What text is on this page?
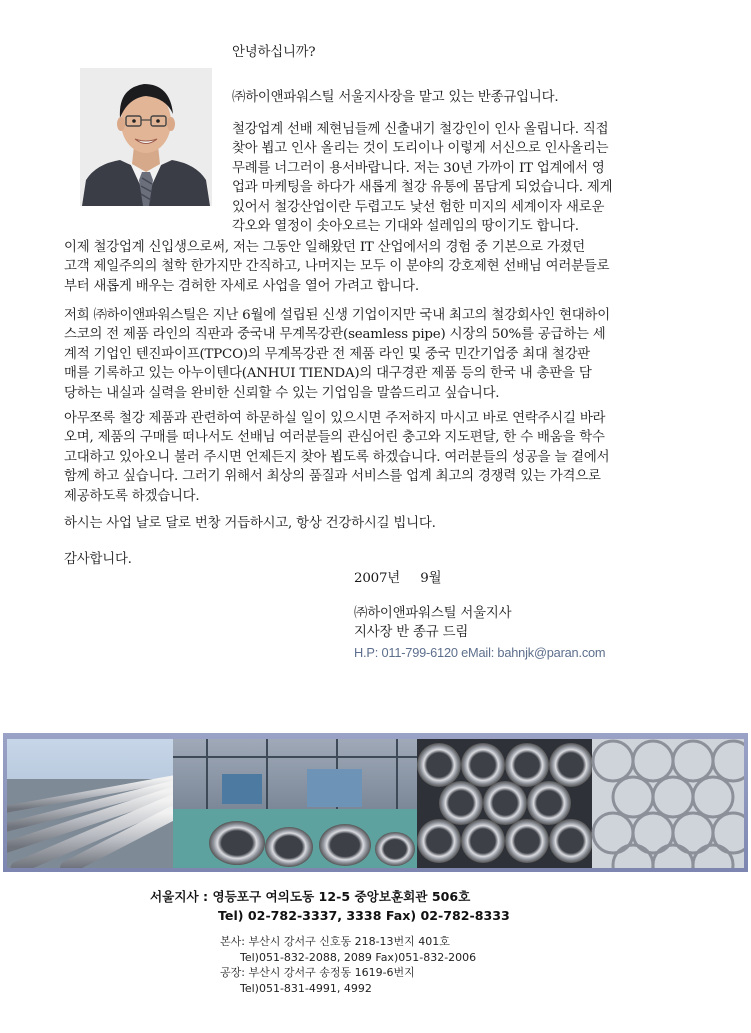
안녕하십니까?

㈜하이앤파워스틸 서울지사장을 맡고 있는 반종규입니다.

철강업계 선배 제현님들께 신출내기 철강인이 인사 올립니다. 직접
찾아 뵙고 인사 올리는 것이 도리이나 이렇게 서신으로 인사올리는
무례를 너그러이 용서바랍니다. 저는 30년 가까이 IT 업계에서 영
업과 마케팅을 하다가 새롭게 철강 유통에 몸담게 되었습니다. 제게
있어서 철강산업이란 두렵고도 낯선 험한 미지의 세계이자 새로운
각오와 열정이 솟아오르는 기대와 설레임의 땅이기도 합니다.
이제 철강업계 신입생으로써, 저는 그동안 일해왔던 IT 산업에서의 경험 중 기본으로 가졌던
고객 제일주의의 철학 한가지만 간직하고, 나머지는 모두 이 분야의 강호제현 선배님 여러분들로
부터 새롭게 배우는 겸허한 자세로 사업을 열어 가려고 합니다.
저희 ㈜하이앤파워스틸은 지난 6월에 설립된 신생 기업이지만 국내 최고의 철강회사인 현대하이
스코의 전 제품 라인의 직판과 중국내 무계목강관(seamless pipe) 시장의 50%를 공급하는 세
계적 기업인 텐진파이프(TPCO)의 무계목강관 전 제품 라인 및 중국 민간기업중 최대 철강판
매를 기록하고 있는 아누이텐다(ANHUI TIENDA)의 대구경관 제품 등의 한국 내 총판을 담
당하는 내실과 실력을 완비한 신뢰할 수 있는 기업임을 말씀드리고 싶습니다.
아무쪼록 철강 제품과 관련하여 하문하실 일이 있으시면 주저하지 마시고 바로 연락주시길 바라
오며, 제품의 구매를 떠나서도 선배님 여러분들의 관심어린 충고와 지도편달, 한 수 배움을 학수
고대하고 있아오니 불러 주시면 언제든지 찾아 뵙도록 하겠습니다. 여러분들의 성공을 늘 곁에서
함께 하고 싶습니다. 그러기 위해서 최상의 품질과 서비스를 업계 최고의 경쟁력 있는 가격으로
제공하도록 하겠습니다.

하시는 사업 날로 달로 번창 거듭하시고, 항상 건강하시길 빕니다.

감사합니다.

2007년     9월

㈜하이앤파워스틸 서울지사
지사장 반 종규 드림
H.P: 011-799-6120 eMail: bahnjk@paran.com
서울지사 : 영등포구 여의도동 12-5 중앙보훈회관 506호
Tel) 02-782-3337, 3338 Fax) 02-782-8333
본사: 부산시 강서구 신호동 218-13번지 401호
Tel)051-832-2088, 2089 Fax)051-832-2006
공장: 부산시 강서구 송정동 1619-6번지
Tel)051-831-4991, 4992
